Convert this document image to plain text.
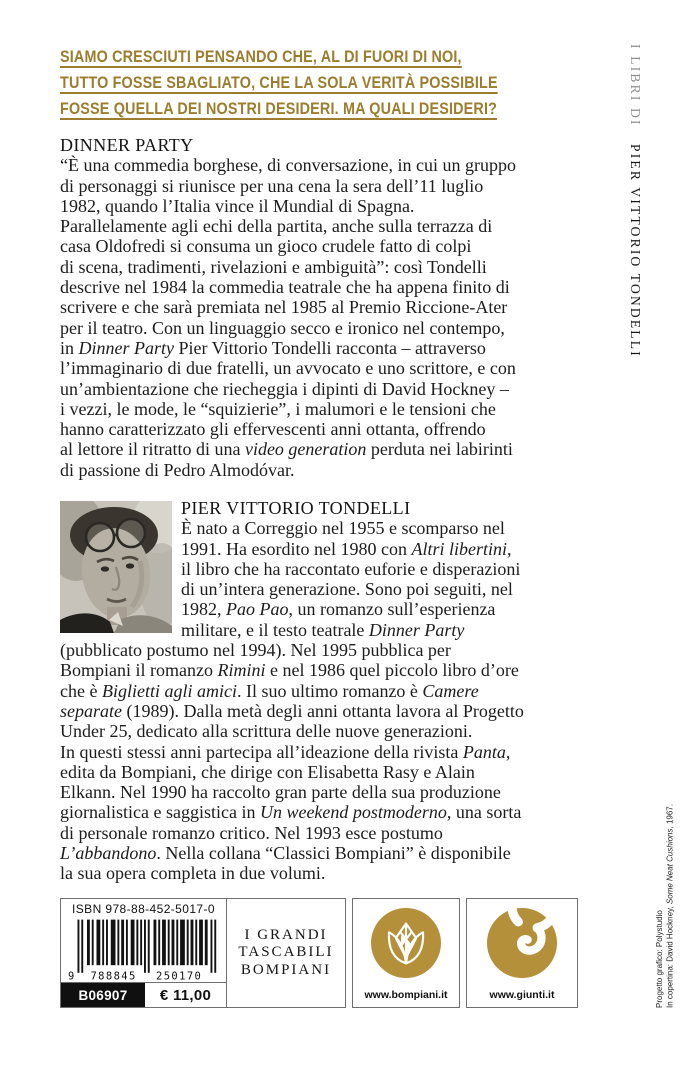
SIAMO CRESCIUTI PENSANDO CHE, AL DI FUORI DI NOI,
TUTTO FOSSE SBAGLIATO, CHE LA SOLA VERITÀ POSSIBILE
FOSSE QUELLA DEI NOSTRI DESIDERI. MA QUALI DESIDERI?
DINNER PARTY
“È una commedia borghese, di conversazione, in cui un gruppo
di personaggi si riunisce per una cena la sera dell’11 luglio
1982, quando l’Italia vince il Mundial di Spagna.
Parallelamente agli echi della partita, anche sulla terrazza di
casa Oldofredi si consuma un gioco crudele fatto di colpi
di scena, tradimenti, rivelazioni e ambiguità”: così Tondelli
descrive nel 1984 la commedia teatrale che ha appena finito di
scrivere e che sarà premiata nel 1985 al Premio Riccione-Ater
per il teatro. Con un linguaggio secco e ironico nel contempo,
in Dinner Party Pier Vittorio Tondelli racconta – attraverso
l’immaginario di due fratelli, un avvocato e uno scrittore, e con
un’ambientazione che riecheggia i dipinti di David Hockney –
i vezzi, le mode, le “squizierie”, i malumori e le tensioni che
hanno caratterizzato gli effervescenti anni ottanta, offrendo
al lettore il ritratto di una video generation perduta nei labirinti
di passione di Pedro Almodóvar.
PIER VITTORIO TONDELLI
È nato a Correggio nel 1955 e scomparso nel
1991. Ha esordito nel 1980 con Altri libertini,
il libro che ha raccontato euforie e disperazioni
di un’intera generazione. Sono poi seguiti, nel
1982, Pao Pao, un romanzo sull’esperienza
militare, e il testo teatrale Dinner Party
(pubblicato postumo nel 1994). Nel 1995 pubblica per
Bompiani il romanzo Rimini e nel 1986 quel piccolo libro d’ore
che è Biglietti agli amici. Il suo ultimo romanzo è Camere
separate (1989). Dalla metà degli anni ottanta lavora al Progetto
Under 25, dedicato alla scrittura delle nuove generazioni.
In questi stessi anni partecipa all’ideazione della rivista Panta,
edita da Bompiani, che dirige con Elisabetta Rasy e Alain
Elkann. Nel 1990 ha raccolto gran parte della sua produzione
giornalistica e saggistica in Un weekend postmoderno, una sorta
di personale romanzo critico. Nel 1993 esce postumo
L’abbandono. Nella collana “Classici Bompiani” è disponibile
la sua opera completa in due volumi.
I LIBRI DI PIER VITTORIO TONDELLI
In copertina: David Hockney, Some Neat Cushions, 1967.
Progetto grafico: Polystudio
ISBN 978-88-452-5017-0
9 788845 250170
B06907	€ 11,00
I GRANDI
TASCABILI
BOMPIANI
www.bompiani.it	www.giunti.it
